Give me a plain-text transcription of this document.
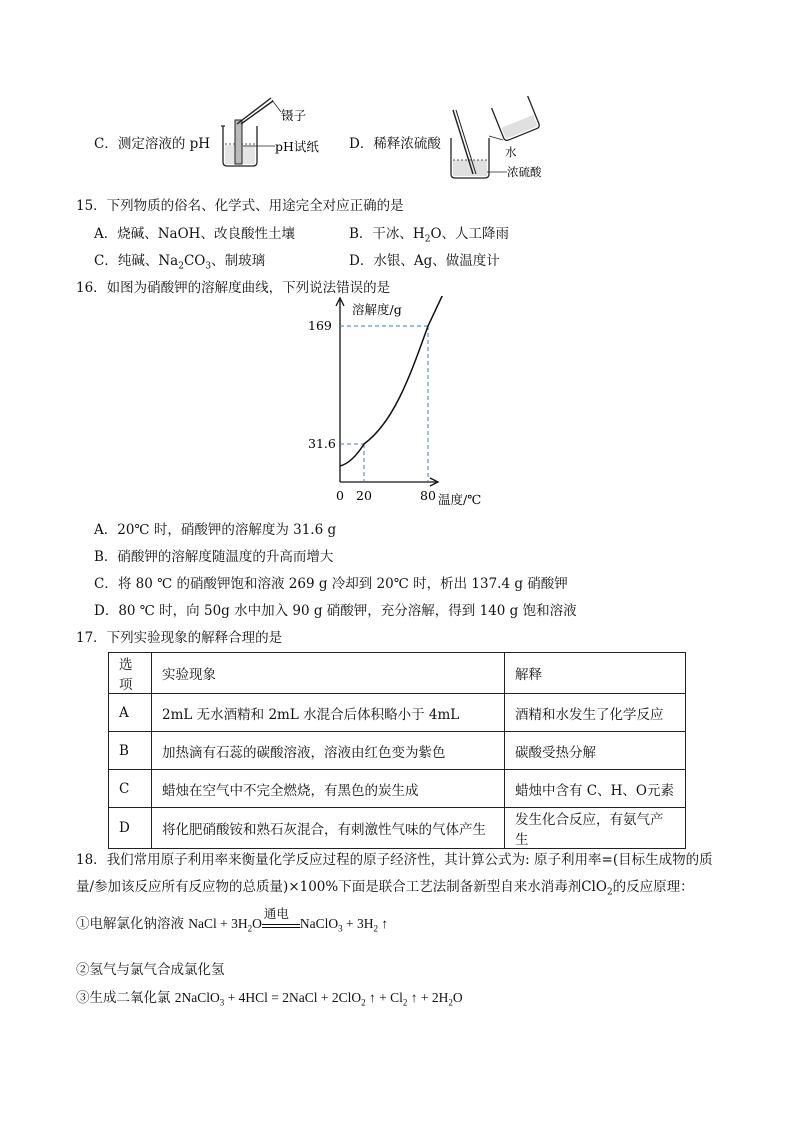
C．测定溶液的 pH
镊子
pH试纸 D．稀释浓硫酸	水
浓硫酸
15．下列物质的俗名、化学式、用途完全对应正确的是
A．烧碱、NaOH、改良酸性土壤	B．干冰、$H_2O$、人工降雨
C．纯碱、$Na_2CO_3$、制玻璃	D．水银、Ag、做温度计
16．如图为硝酸钾的溶解度曲线，下列说法错误的是
溶解度/g
温度/℃
0
169
31.6
20	80
A．20℃ 时，硝酸钾的溶解度为 31.6 g
B．硝酸钾的溶解度随温度的升高而增大
C．将 80 ℃ 的硝酸钾饱和溶液 269 g 冷却到 20℃ 时，析出 137.4 g 硝酸钾
D．80 ℃ 时，向 50g 水中加入 90 g 硝酸钾，充分溶解，得到 140 g 饱和溶液
17．下列实验现象的解释合理的是
选项	实验现象	解释
A	2mL 无水酒精和 2mL 水混合后体积略小于 4mL	酒精和水发生了化学反应
B	加热滴有石蕊的碳酸溶液，溶液由红色变为紫色	碳酸受热分解
C	蜡烛在空气中不完全燃烧，有黑色的炭生成	蜡烛中含有 C、H、O元素
D	将化肥硝酸铵和熟石灰混合，有刺激性气味的气体产生	发生化合反应，有氨气产生
18．我们常用原子利用率来衡量化学反应过程的原子经济性，其计算公式为: 原子利用率=(目标生成物的质
量/参加该反应所有反应物的总质量)×100%下面是联合工艺法制备新型自来水消毒剂ClO$_2$的反应原理：
①电解氯化钠溶液 NaCl + $3H_2O$
通电
NaClO$_3$ + $3H_2$ ↑
②氢气与氯气合成氯化氢
③生成二氧化氯 2NaClO$_3$ + 4HCl = 2NaCl + 2ClO$_2$ ↑ + $Cl_2$ ↑ + $2H_2O$
